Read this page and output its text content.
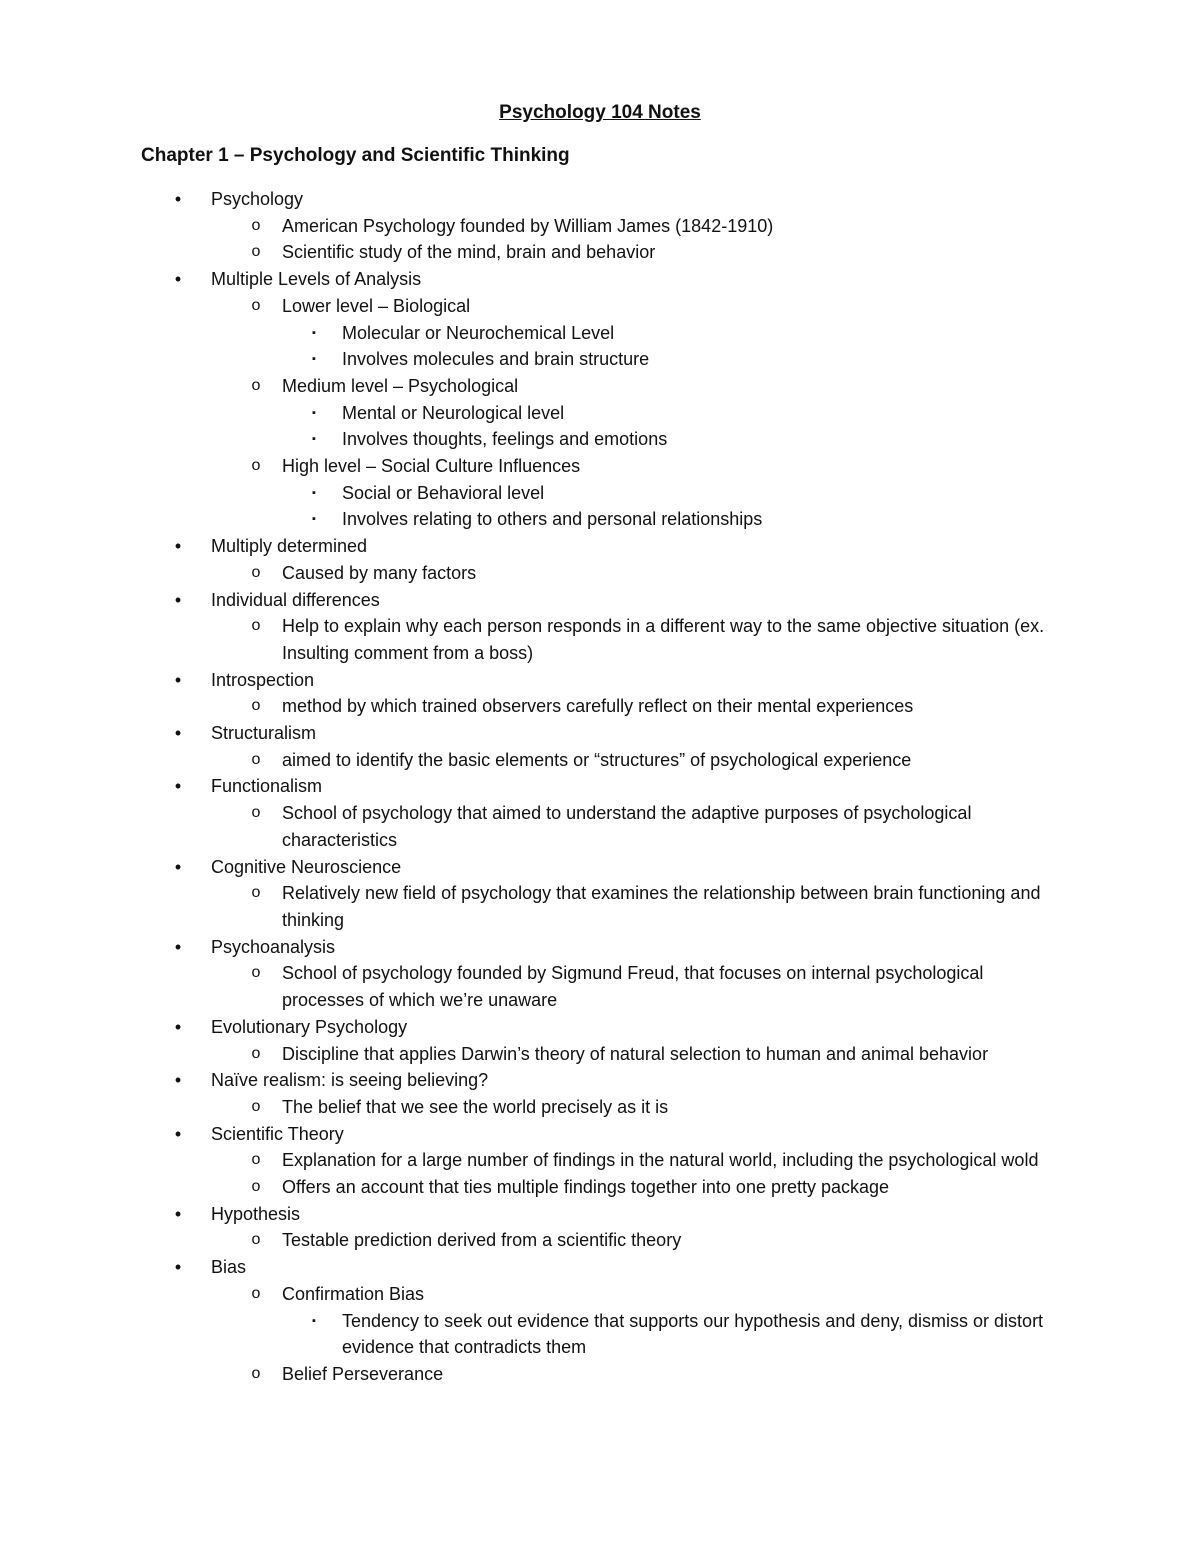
Psychology 104 Notes
Chapter 1 – Psychology and Scientific Thinking
•	Psychology
o	American Psychology founded by William James (1842-1910)
o	Scientific study of the mind, brain and behavior
•	Multiple Levels of Analysis
o	Lower level – Biological
▪	Molecular or Neurochemical Level
▪	Involves molecules and brain structure
o	Medium level – Psychological
▪	Mental or Neurological level
▪	Involves thoughts, feelings and emotions
o	High level – Social Culture Influences
▪	Social or Behavioral level
▪	Involves relating to others and personal relationships
•	Multiply determined
o	Caused by many factors
•	Individual differences
o	Help to explain why each person responds in a different way to the same objective situation (ex. Insulting comment from a boss)
•	Introspection
o	method by which trained observers carefully reflect on their mental experiences
•	Structuralism
o	aimed to identify the basic elements or “structures” of psychological experience
•	Functionalism
o	School of psychology that aimed to understand the adaptive purposes of psychological characteristics
•	Cognitive Neuroscience
o	Relatively new field of psychology that examines the relationship between brain functioning and thinking
•	Psychoanalysis
o	School of psychology founded by Sigmund Freud, that focuses on internal psychological processes of which we’re unaware
•	Evolutionary Psychology
o	Discipline that applies Darwin’s theory of natural selection to human and animal behavior
•	Naïve realism: is seeing believing?
o	The belief that we see the world precisely as it is
•	Scientific Theory
o	Explanation for a large number of findings in the natural world, including the psychological wold
o	Offers an account that ties multiple findings together into one pretty package
•	Hypothesis
o	Testable prediction derived from a scientific theory
•	Bias
o	Confirmation Bias
▪	Tendency to seek out evidence that supports our hypothesis and deny, dismiss or distort evidence that contradicts them
o	Belief Perseverance
